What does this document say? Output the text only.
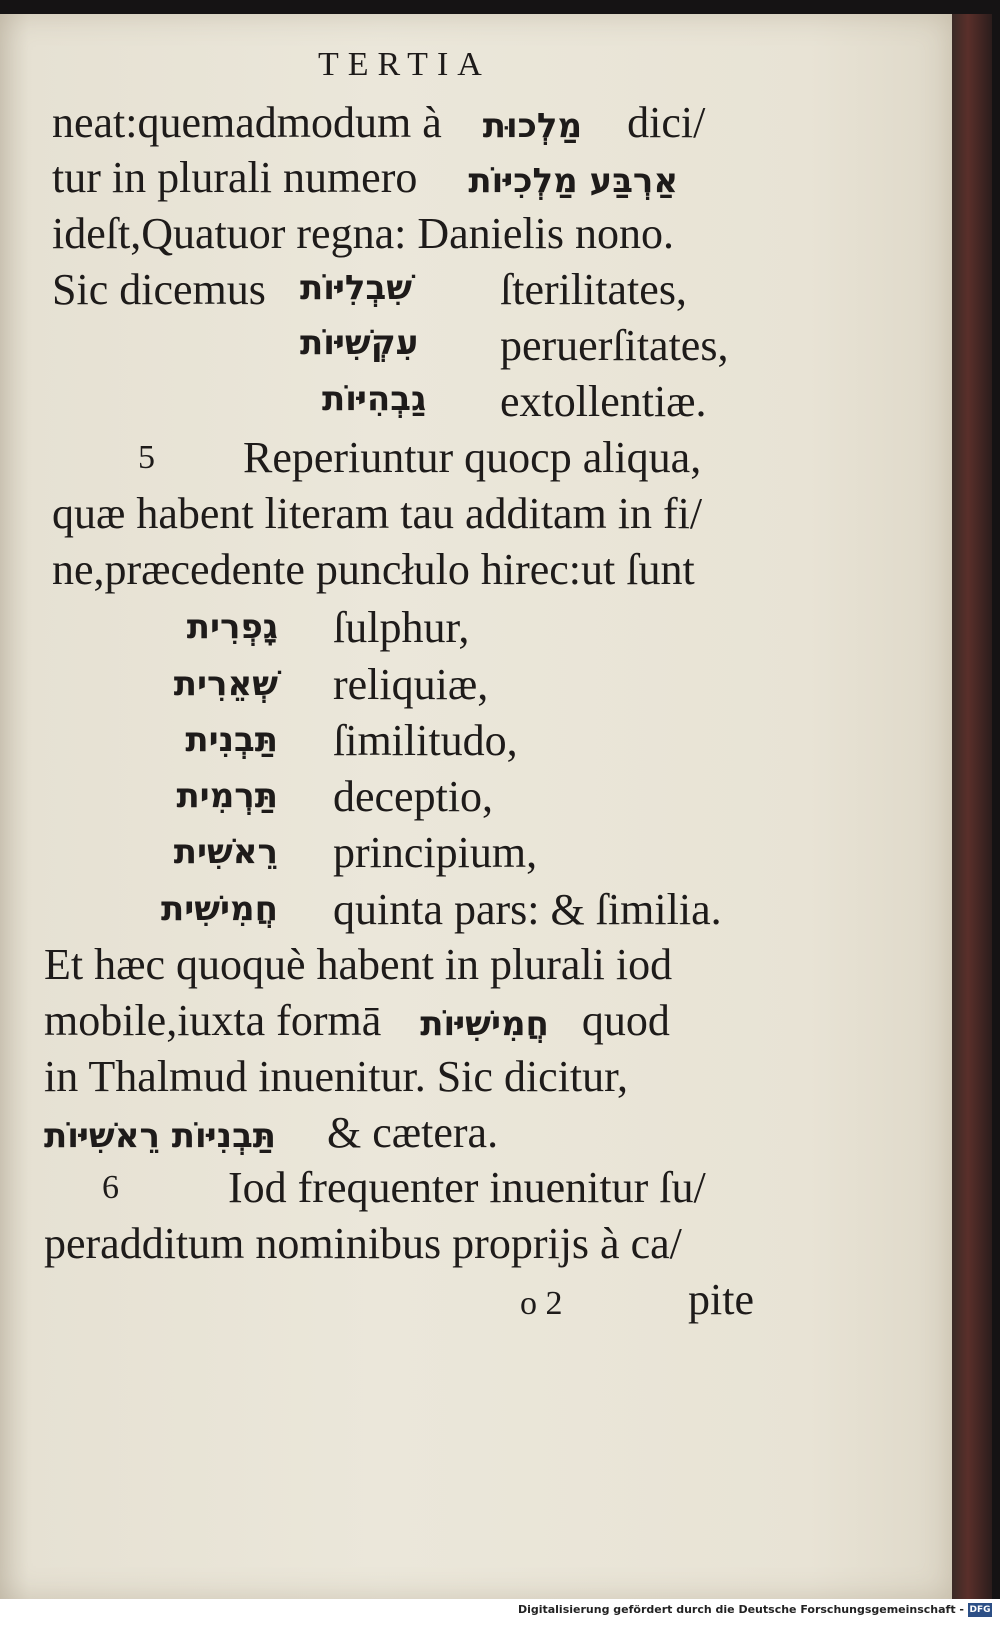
TERTIA
neat:quemadmodum à מַלְכוּת dici/
tur in plurali numero אַרְבַּע מַלְכִיּוֹת
ideſt,Quatuor regna: Danielis nono.
Sic dicemus שִׁבְלִיּוֹת ſterilitates,
עִקְשִׁיּוֹת peruerſitates,
גַבְהִיּוֹת extollentiæ.
5 Reperiuntur quocp aliqua,
quæ habent literam tau additam in fi/
ne,præcedente puncłulo hirec:ut ſunt
גָפְרִית ſulphur,
שְׁאֵרִית reliquiæ,
תַּבְנִית ſimilitudo,
תַּרְמִית deceptio,
רֵאשִׁית principium,
חֲמִישִׁית quinta pars: & ſimilia.
Et hæc quoquè habent in plurali iod
mobile,iuxta formā חֲמִישִׁיּוֹת quod
in Thalmud inuenitur. Sic dicitur,
תַּבְנִיּוֹת רֵאשִׁיּוֹת & cætera.
6 Iod frequenter inuenitur ſu/
peradditum nominibus proprijs à ca/
o 2	pite
Digitalisierung gefördert durch die Deutsche Forschungsgemeinschaft - DFG
